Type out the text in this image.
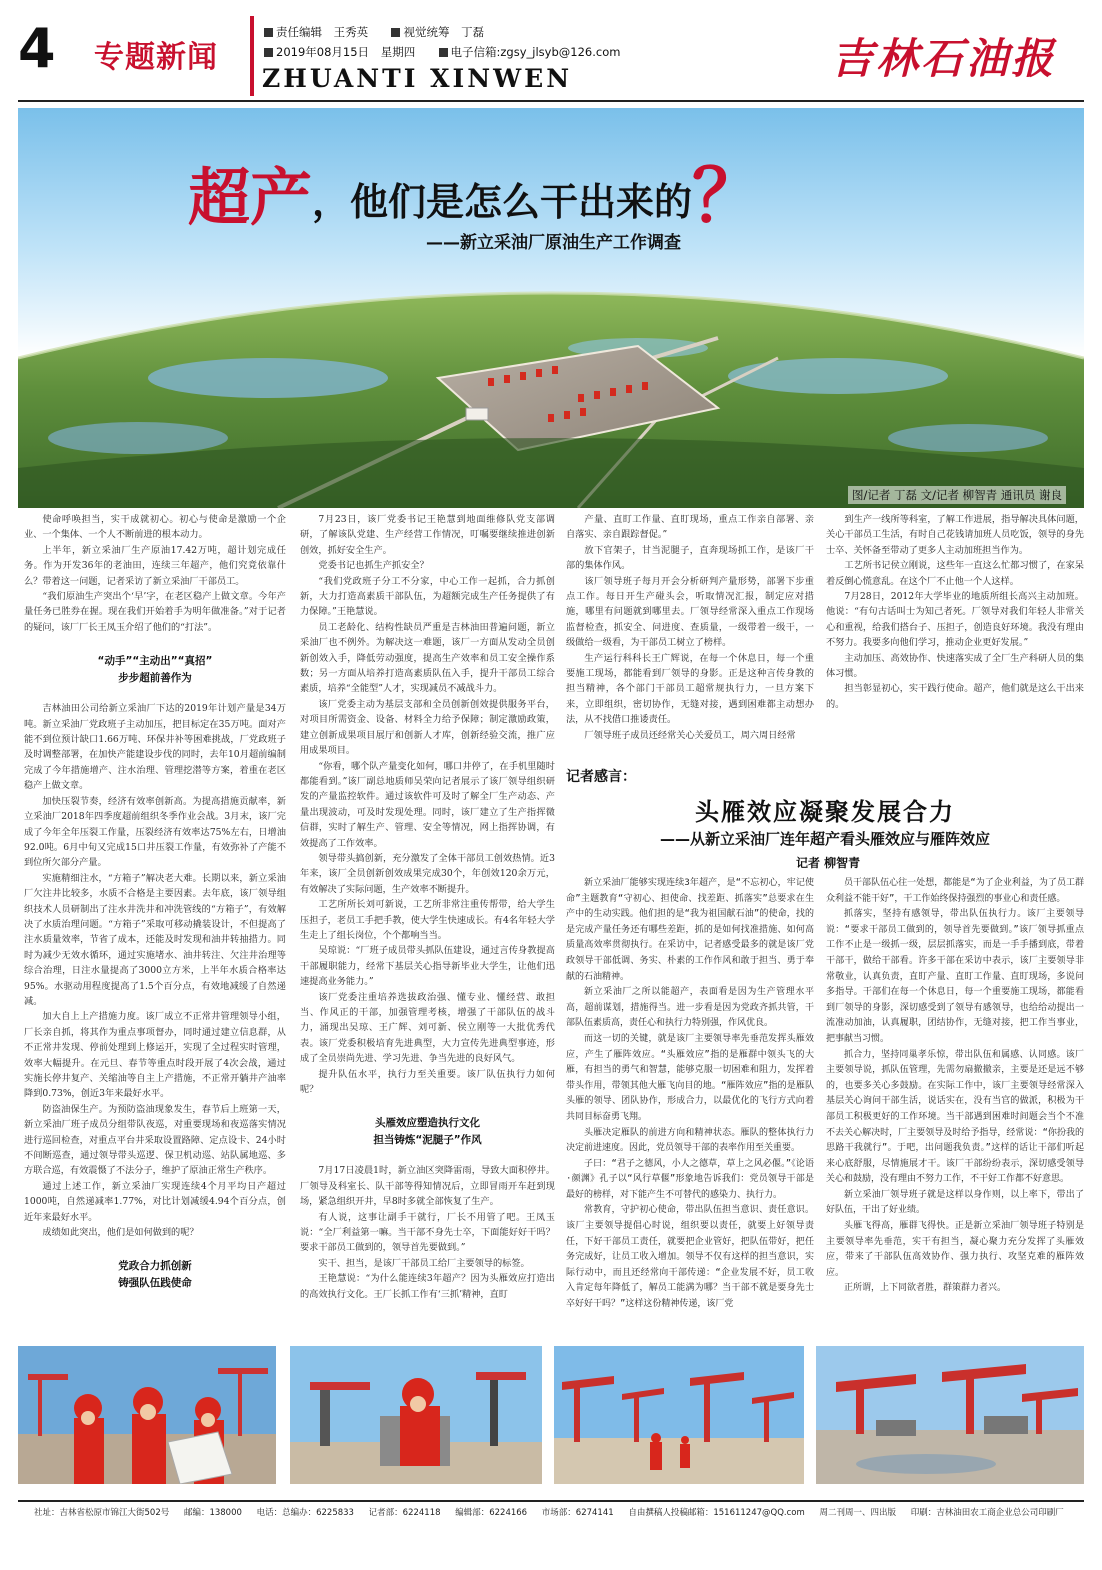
4 专题新闻
责任编辑 王秀英	视觉统筹 丁磊
2019年08月15日 星期四	电子信箱:zgsy_jlsyb@126.com
ZHUANTI XINWEN	吉林石油报
超产，他们是怎么干出来的？
——新立采油厂原油生产工作调查
图/记者 丁磊 文/记者 柳智青 通讯员 谢良

使命呼唤担当，实干成就初心。初心与使命是激励一个企业、一个集体、一个人不断前进的根本动力。

上半年，新立采油厂生产原油17.42万吨，超计划完成任务。作为开发36年的老油田，连续三年超产，他们究竟依靠什么？带着这一问题，记者采访了新立采油厂干部员工。

“我们原油生产突出个‘早’字，在老区稳产上做文章。今年产量任务已胜券在握。现在我们开始着手为明年做准备。”对于记者的疑问，该厂厂长王凤玉介绍了他们的“打法”。

“动手”“主动出”“真招”
步步超前善作为

吉林油田公司给新立采油厂下达的2019年计划产量是34万吨。新立采油厂党政班子主动加压，把目标定在35万吨。面对产能不到位预计缺口1.66万吨、环保井补等困难挑战，厂党政班子及时调整部署，在加快产能建设步伐的同时，去年10月超前编制完成了今年措施增产、注水治理、管理挖潜等方案，着重在老区稳产上做文章。

加快压裂节奏，经济有效率创新高。为提高措施贡献率，新立采油厂2018年四季度超前组织冬季作业会战。3月末，该厂完成了今年全年压裂工作量，压裂经济有效率达75%左右，日增油92.0吨。6月中旬又完成15口井压裂工作量，有效弥补了产能不到位所欠部分产量。

实施精细注水，“方箱子”解决老大难。长期以来，新立采油厂欠注井比较多，水质不合格是主要因素。去年底，该厂领导组织技术人员研制出了注水井洗井和冲洗管线的“方箱子”，有效解决了水质治理问题。“方箱子”采取可移动撬装设计，不但提高了注水质量效率，节省了成本，还能及时发现和油井转抽措力。同时为减少无效水循环，通过实施堵水、油井转注、欠注井治理等综合治理，日注水量提高了3000立方米，上半年水质合格率达95%。水驱动用程度提高了1.5个百分点，有效地减缓了自然递减。

加大自上上产措施力度。该厂成立不正常井管理领导小组，厂长亲自抓，将其作为重点事项督办，同时通过建立信息群，从不正常井发现、停前处理到上修运开，实现了全过程实时管理，效率大幅提升。在元旦、春节等重点时段开展了4次会战，通过实施长停井复产、关缩油等自主上产措施，不正常开躺井产油率降到0.73%，创近3年来最好水平。

防盗油保生产。为预防盗油现象发生，春节后上班第一天，新立采油厂班子成员分组带队夜巡，对重要现场和夜巡落实情况进行巡回检查，对重点平台井采取设置路障、定点设卡、24小时不间断巡查，通过领导带头巡逻、保卫机动巡、站队属地巡、多方联合巡，有效震慑了不法分子，维护了原油正常生产秩序。

通过上述工作，新立采油厂实现连续4个月平均日产超过1000吨，自然递减率1.77%，对比计划减缓4.94个百分点，创近年来最好水平。

成绩如此突出，他们是如何做到的呢？

党政合力抓创新
铸强队伍践使命

7月23日，该厂党委书记王艳慧到地面维修队党支部调研，了解该队党建、生产经营工作情况，叮嘱要继续推进创新创效，抓好安全生产。

党委书记也抓生产抓安全？

“我们党政班子分工不分家，中心工作一起抓，合力抓创新，大力打造高素质干部队伍，为超额完成生产任务提供了有力保障。”王艳慧说。

员工老龄化、结构性缺员严重是吉林油田普遍问题，新立采油厂也不例外。为解决这一难题，该厂一方面从发动全员创新创效入手，降低劳动强度，提高生产效率和员工安全操作系数；另一方面从培养打造高素质队伍入手，提升干部员工综合素质，培养“全能型”人才，实现减员不减战斗力。

该厂党委主动为基层支部和全员创新创效提供服务平台，对项目所需资金、设备、材料全力给予保障；制定激励政策，建立创新成果项目展厅和创新人才库，创新经验交流，推广应用成果项目。

“你看，哪个队产量变化如何，哪口井停了，在手机里随时都能看到。”该厂副总地质师吴荣向记者展示了该厂领导组织研发的产量监控软件。通过该软件可及时了解全厂生产动态、产量出现波动，可及时发现处理。同时，该厂建立了生产指挥微信群，实时了解生产、管理、安全等情况，网上指挥协调，有效提高了工作效率。

领导带头搞创新，充分激发了全体干部员工创效热情。近3年来，该厂全员创新创效成果完成30个，年创效120余万元，有效解决了实际问题，生产效率不断提升。

工艺所所长刘可新说，工艺所非常注重传帮带，给大学生压担子，老员工手把手教，使大学生快速成长。有4名年轻大学生走上了组长岗位，个个都响当当。

吴琼说：“厂班子成员带头抓队伍建设，通过言传身教提高干部履职能力，经常下基层关心指导新毕业大学生，让他们迅速提高业务能力。”

该厂党委注重培养选拔政治强、懂专业、懂经营、敢担当、作风正的干部，加强管理考核，增强了干部队伍的战斗力，涌现出吴琼、王广辉、刘可新、侯立刚等一大批优秀代表。该厂党委积极培育先进典型，大力宣传先进典型事迹，形成了全员崇尚先进、学习先进、争当先进的良好风气。

提升队伍水平，执行力至关重要。该厂队伍执行力如何呢？

头雁效应塑造执行文化
担当铸炼“泥腿子”作风

7月17日凌晨1时，新立油区突降雷雨，导致大面积停井。厂领导及科室长、队干部等得知情况后，立即冒雨开车赶到现场，紧急组织开井，早8时多就全部恢复了生产。

有人说，这事让副手干就行，厂长不用管了吧。王凤玉说：“全厂利益第一嘛。当干部不身先士卒，下面能好好干吗？要求干部员工做到的，领导首先要做到。”

实干、担当，是该厂干部员工给厂主要领导的标签。

王艳慧说：“为什么能连续3年超产？因为头雁效应打造出的高效执行文化。王厂长抓工作有‘三抓’精神，直盯

产量、直盯工作量、直盯现场，重点工作亲自部署、亲自落实、亲自跟踪督促。”

放下官架子，甘当泥腿子，直奔现场抓工作，是该厂干部的集体作风。

该厂领导班子每月开会分析研判产量形势，部署下步重点工作。每日开生产碰头会，听取情况汇报，制定应对措施，哪里有问题就到哪里去。厂领导经常深入重点工作现场监督检查，抓安全、问进度、查质量，一级带着一级干，一级做给一级看，为干部员工树立了榜样。

生产运行科科长王广辉说，在每一个休息日，每一个重要施工现场，都能看到厂领导的身影。正是这种言传身教的担当精神，各个部门干部员工超常规执行力，一旦方案下来，立即组织，密切协作，无缝对接，遇到困难都主动想办法，从不找借口推诿责任。

厂领导班子成员还经常关心关爱员工，周六周日经常

到生产一线所等科室，了解工作进展，指导解决具体问题，关心干部员工生活，有时自己花钱请加班人员吃饭，领导的身先士卒、关怀备至带动了更多人主动加班担当作为。

工艺所书记侯立刚说，这些年一直这么忙都习惯了，在家呆着反倒心慌意乱。在这个厂不止他一个人这样。

7月28日，2012年大学毕业的地质所组长高兴主动加班。他说：“有句古话叫士为知己者死。厂领导对我们年轻人非常关心和重视，给我们搭台子、压担子，创造良好环境。我没有理由不努力。我要多向他们学习，推动企业更好发展。”

主动加压、高效协作、快速落实成了全厂生产科研人员的集体习惯。

担当彰显初心，实干践行使命。超产，他们就是这么干出来的。

记者感言：
头雁效应凝聚发展合力
——从新立采油厂连年超产看头雁效应与雁阵效应
记者 柳智青

新立采油厂能够实现连续3年超产，是“不忘初心，牢记使命”主题教育“守初心、担使命、找差距、抓落实”总要求在生产中的生动实践。他们担的是“我为祖国献石油”的使命，找的是完成产量任务还有哪些差距，抓的是如何找准措施、如何高质量高效率贯彻执行。在采访中，记者感受最多的就是该厂党政领导干部低调、务实、朴素的工作作风和敢于担当、勇于奉献的石油精神。

新立采油厂之所以能超产，表面看是因为生产管理水平高，超前谋划，措施得当。进一步看是因为党政齐抓共管，干部队伍素质高，责任心和执行力特别强，作风优良。

而这一切的关键，就是该厂主要领导率先垂范发挥头雁效应，产生了雁阵效应。“头雁效应”指的是雁群中领头飞的大雁，有担当的勇气和智慧，能够克服一切困难和阻力，发挥着带头作用，带领其他大雁飞向目的地。“雁阵效应”指的是雁队头雁的领导、团队协作，形成合力，以最优化的飞行方式向着共同目标奋勇飞翔。

头雁决定雁队的前进方向和精神状态。雁队的整体执行力决定前进速度。因此，党员领导干部的表率作用至关重要。

子曰：“君子之德风，小人之德草，草上之风必偃。”《论语·颜渊》孔子以“风行草偃”形象地告诉我们：党员领导干部是最好的榜样，对下能产生不可替代的感染力、执行力。

常教育，守护初心使命，带出队伍担当意识、责任意识。该厂主要领导提倡心时说，组织要以责任，就要上好领导责任，下好干部员工责任，就要把企业管好，把队伍带好，把任务完成好，让员工收入增加。领导不仅有这样的担当意识，实际行动中，而且还经常向干部传递：“企业发展不好，员工收入肯定每年降低了，解员工能满为哪？当干部不就是要身先士卒好好干吗？”这样这份精神传递，该厂党

员干部队伍心往一处想，都能是“为了企业利益，为了员工群众利益不能干好”，干工作始终保持强烈的事业心和责任感。

抓落实，坚持有感领导，带出队伍执行力。该厂主要领导说：“要求干部员工做到的，领导首先要做到。”该厂领导抓重点工作不止是一级抓一级，层层抓落实，而是一手手播到底，带着干部干，做给干部看。许多干部在采访中表示，该厂主要领导非常敬业，认真负责，直盯产量、直盯工作量、直盯现场，多说问多指导。干部们在每一个休息日，每一个重要施工现场，都能看到厂领导的身影，深切感受到了领导有感领导，也给给动提出一流准动加油，认真履职，团结协作，无缝对接，把工作当事业，把事献当习惯。

抓合力，坚持同巢孝乐惊，带出队伍和属感、认同感。该厂主要领导说，抓队伍管理，先需勿扇撤撤亲，主要是还是远不够的，也要多关心多鼓励。在实际工作中，该厂主要领导经常深入基层关心询问干部生活，说话实在，没有当官的做派，积极为干部员工积极更好的工作环境。当干部遇到困难时间题会当个不准不去关心解决时，厂主要领导及时给予指导，经常说：“你扮我的思路干我就行”。于吧，出问题我负责。”这样的话让干部们听起来心底舒服，尽情施展才干。该厂干部纷纷表示，深切感受领导关心和鼓励，没有理由不努力工作，不干好工作都不好意思。

新立采油厂领导班子就是这样以身作则，以上率下，带出了好队伍，干出了好业绩。

头雁飞得高，雁群飞得快。正是新立采油厂领导班子特别是主要领导率先垂范，实干有担当，凝心聚力充分发挥了头雁效应，带来了干部队伍高效协作、强力执行、攻坚克难的雁阵效应。

正所谓，上下同欲者胜，群策群力者兴。

社址：吉林省松原市锦江大街502号 邮编：138000 电话：总编办：6225833 记者部：6224118 编辑部：6224166 市场部：6274141 自由撰稿人投稿邮箱：151611247@QQ.com 周二刊周一、四出版 印刷：吉林油田农工商企业总公司印刷厂
